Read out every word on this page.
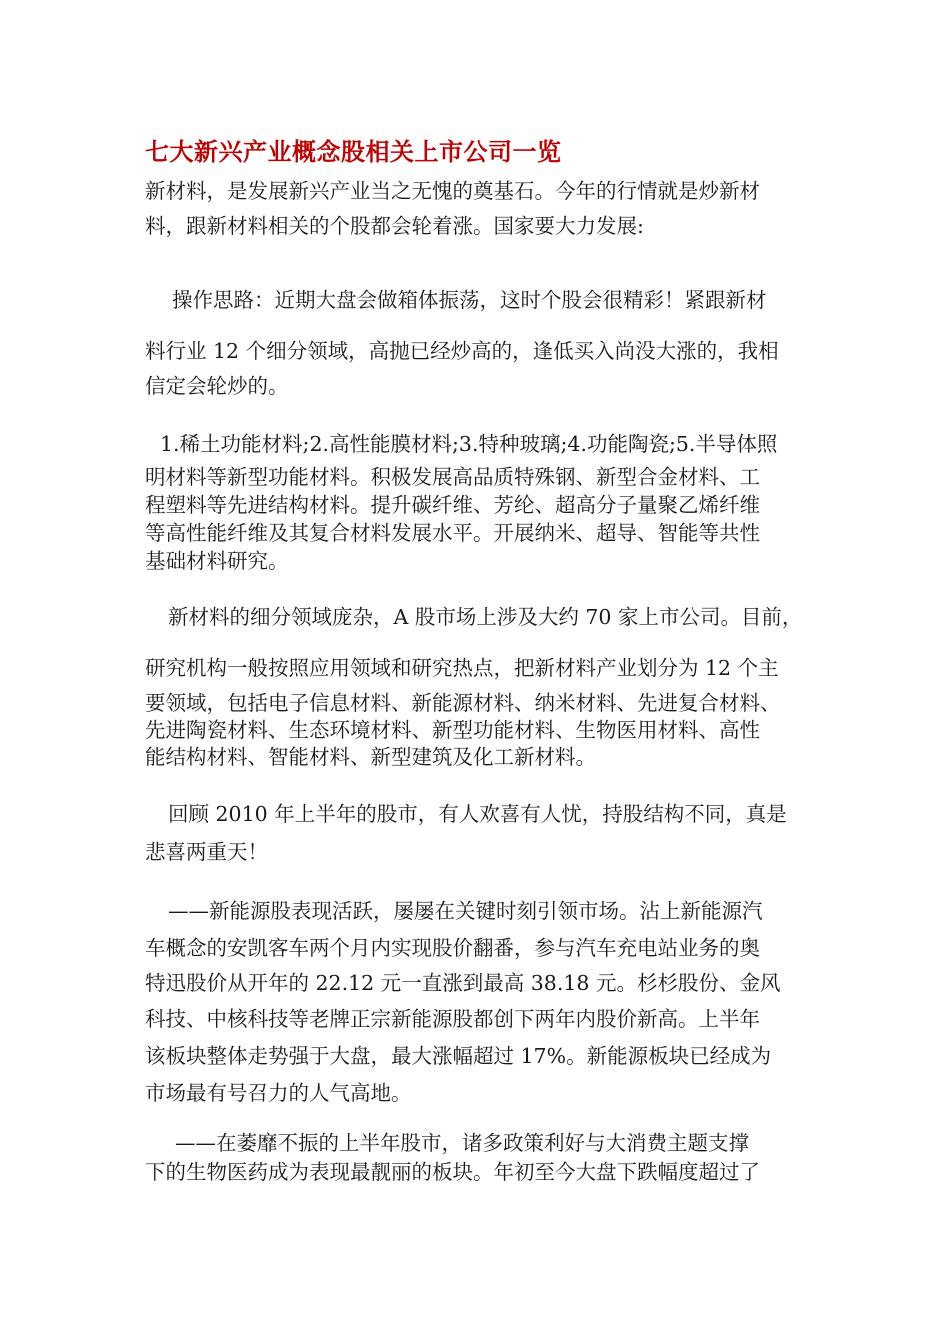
七大新兴产业概念股相关上市公司一览
新材料，是发展新兴产业当之无愧的奠基石。今年的行情就是炒新材
料，跟新材料相关的个股都会轮着涨。国家要大力发展:
操作思路：近期大盘会做箱体振荡，这时个股会很精彩！紧跟新材
料行业 12 个细分领域，高抛已经炒高的，逢低买入尚没大涨的，我相
信定会轮炒的。
1.稀土功能材料;2.高性能膜材料;3.特种玻璃;4.功能陶瓷;5.半导体照
明材料等新型功能材料。积极发展高品质特殊钢、新型合金材料、工
程塑料等先进结构材料。提升碳纤维、芳纶、超高分子量聚乙烯纤维
等高性能纤维及其复合材料发展水平。开展纳米、超导、智能等共性
基础材料研究。
新材料的细分领域庞杂，A 股市场上涉及大约 70 家上市公司。目前，
研究机构一般按照应用领域和研究热点，把新材料产业划分为 12 个主
要领域，包括电子信息材料、新能源材料、纳米材料、先进复合材料、
先进陶瓷材料、生态环境材料、新型功能材料、生物医用材料、高性
能结构材料、智能材料、新型建筑及化工新材料。
回顾 2010 年上半年的股市，有人欢喜有人忧，持股结构不同，真是
悲喜两重天！
——新能源股表现活跃，屡屡在关键时刻引领市场。沾上新能源汽
车概念的安凯客车两个月内实现股价翻番，参与汽车充电站业务的奥
特迅股价从开年的 22.12 元一直涨到最高 38.18 元。杉杉股份、金风
科技、中核科技等老牌正宗新能源股都创下两年内股价新高。上半年
该板块整体走势强于大盘，最大涨幅超过 17%。新能源板块已经成为
市场最有号召力的人气高地。
——在萎靡不振的上半年股市，诸多政策利好与大消费主题支撑
下的生物医药成为表现最靓丽的板块。年初至今大盘下跌幅度超过了
